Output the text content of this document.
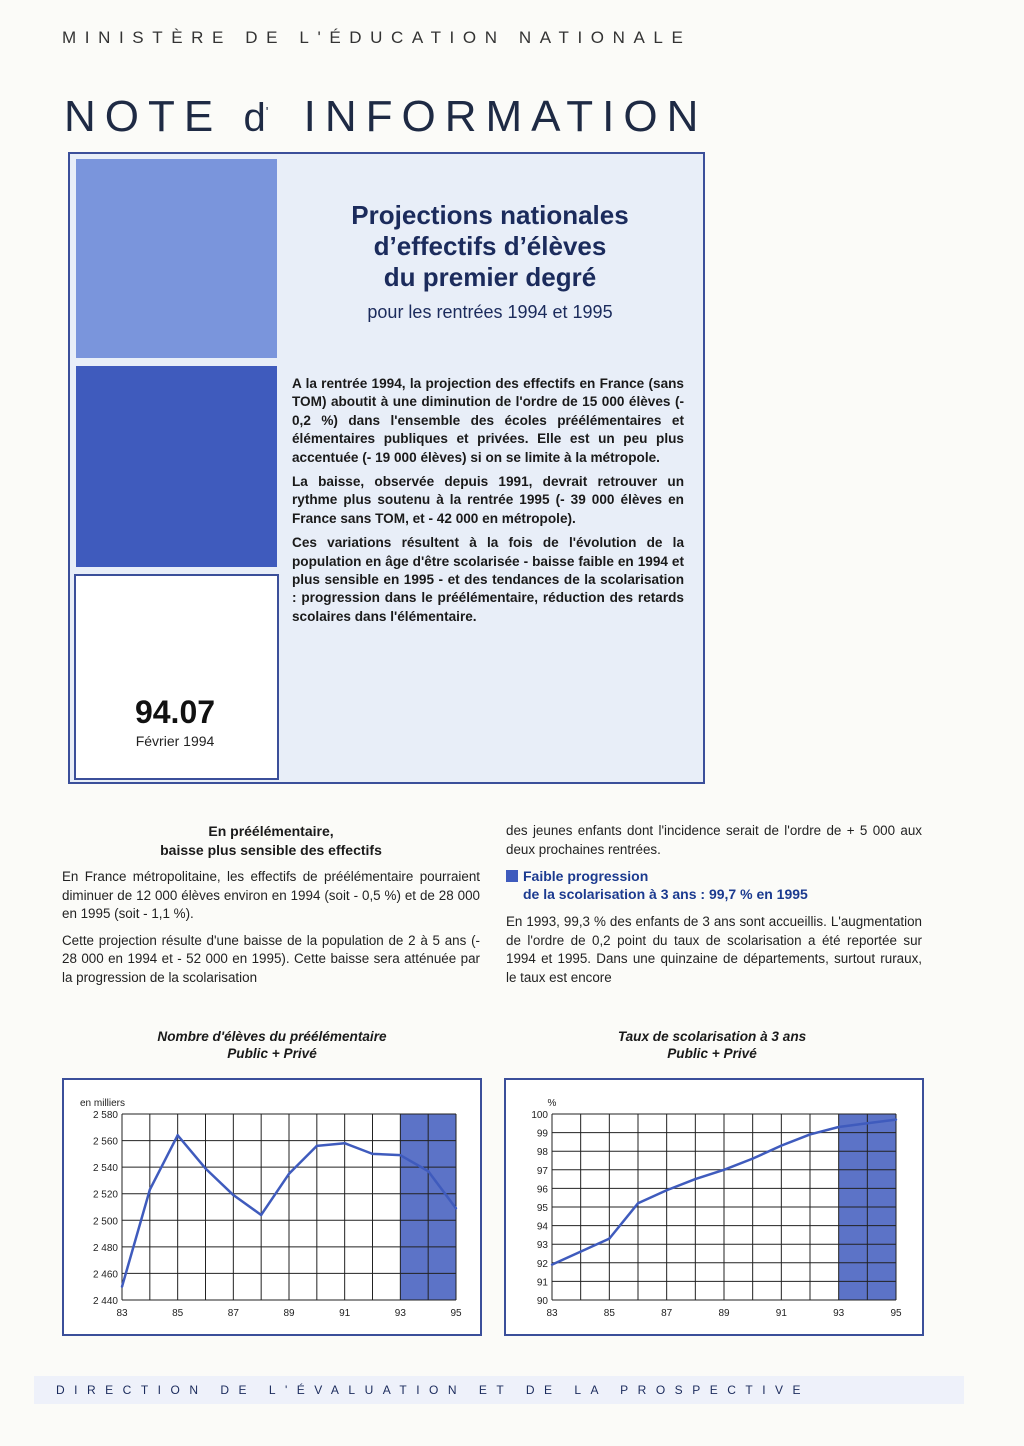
MINISTÈRE DE L'ÉDUCATION NATIONALE
NOTE d' INFORMATION
94.07
Février 1994
Projections nationales
d’effectifs d’élèves
du premier degré
pour les rentrées 1994 et 1995

A la rentrée 1994, la projection des effectifs en France (sans TOM) aboutit à une diminution de l'ordre de 15 000 élèves (- 0,2 %) dans l'ensemble des écoles préélémentaires et élémentaires publiques et privées. Elle est un peu plus accentuée (- 19 000 élèves) si on se limite à la métropole.

La baisse, observée depuis 1991, devrait retrouver un rythme plus soutenu à la rentrée 1995 (- 39 000 élèves en France sans TOM, et - 42 000 en métropole).

Ces variations résultent à la fois de l'évolution de la population en âge d'être scolarisée - baisse faible en 1994 et plus sensible en 1995 - et des tendances de la scolarisation : progression dans le préélémentaire, réduction des retards scolaires dans l'élémentaire.

En préélémentaire,
baisse plus sensible des effectifs

En France métropolitaine, les effectifs de préélémentaire pourraient diminuer de 12 000 élèves environ en 1994 (soit - 0,5 %) et de 28 000 en 1995 (soit - 1,1 %).

Cette projection résulte d'une baisse de la population de 2 à 5 ans (- 28 000 en 1994 et - 52 000 en 1995). Cette baisse sera atténuée par la progression de la scolarisation

des jeunes enfants dont l'incidence serait de l'ordre de + 5 000 aux deux prochaines rentrées.

Faible progression
de la scolarisation à 3 ans : 99,7 % en 1995

En 1993, 99,3 % des enfants de 3 ans sont accueillis. L'augmentation de l'ordre de 0,2 point du taux de scolarisation a été reportée sur 1994 et 1995. Dans une quinzaine de départements, surtout ruraux, le taux est encore

Nombre d'élèves du préélémentaire
Public + Privé
2 440
2 460
2 480
2 500
2 520
2 540
2 560
2 580
83	85	87	89	91	93	95
en milliers
Taux de scolarisation à 3 ans
Public + Privé
90
91
92
93
94
95
96
97
98
99
100
83	85	87	89	91	93	95
%
DIRECTION DE L'ÉVALUATION ET DE LA PROSPECTIVE
